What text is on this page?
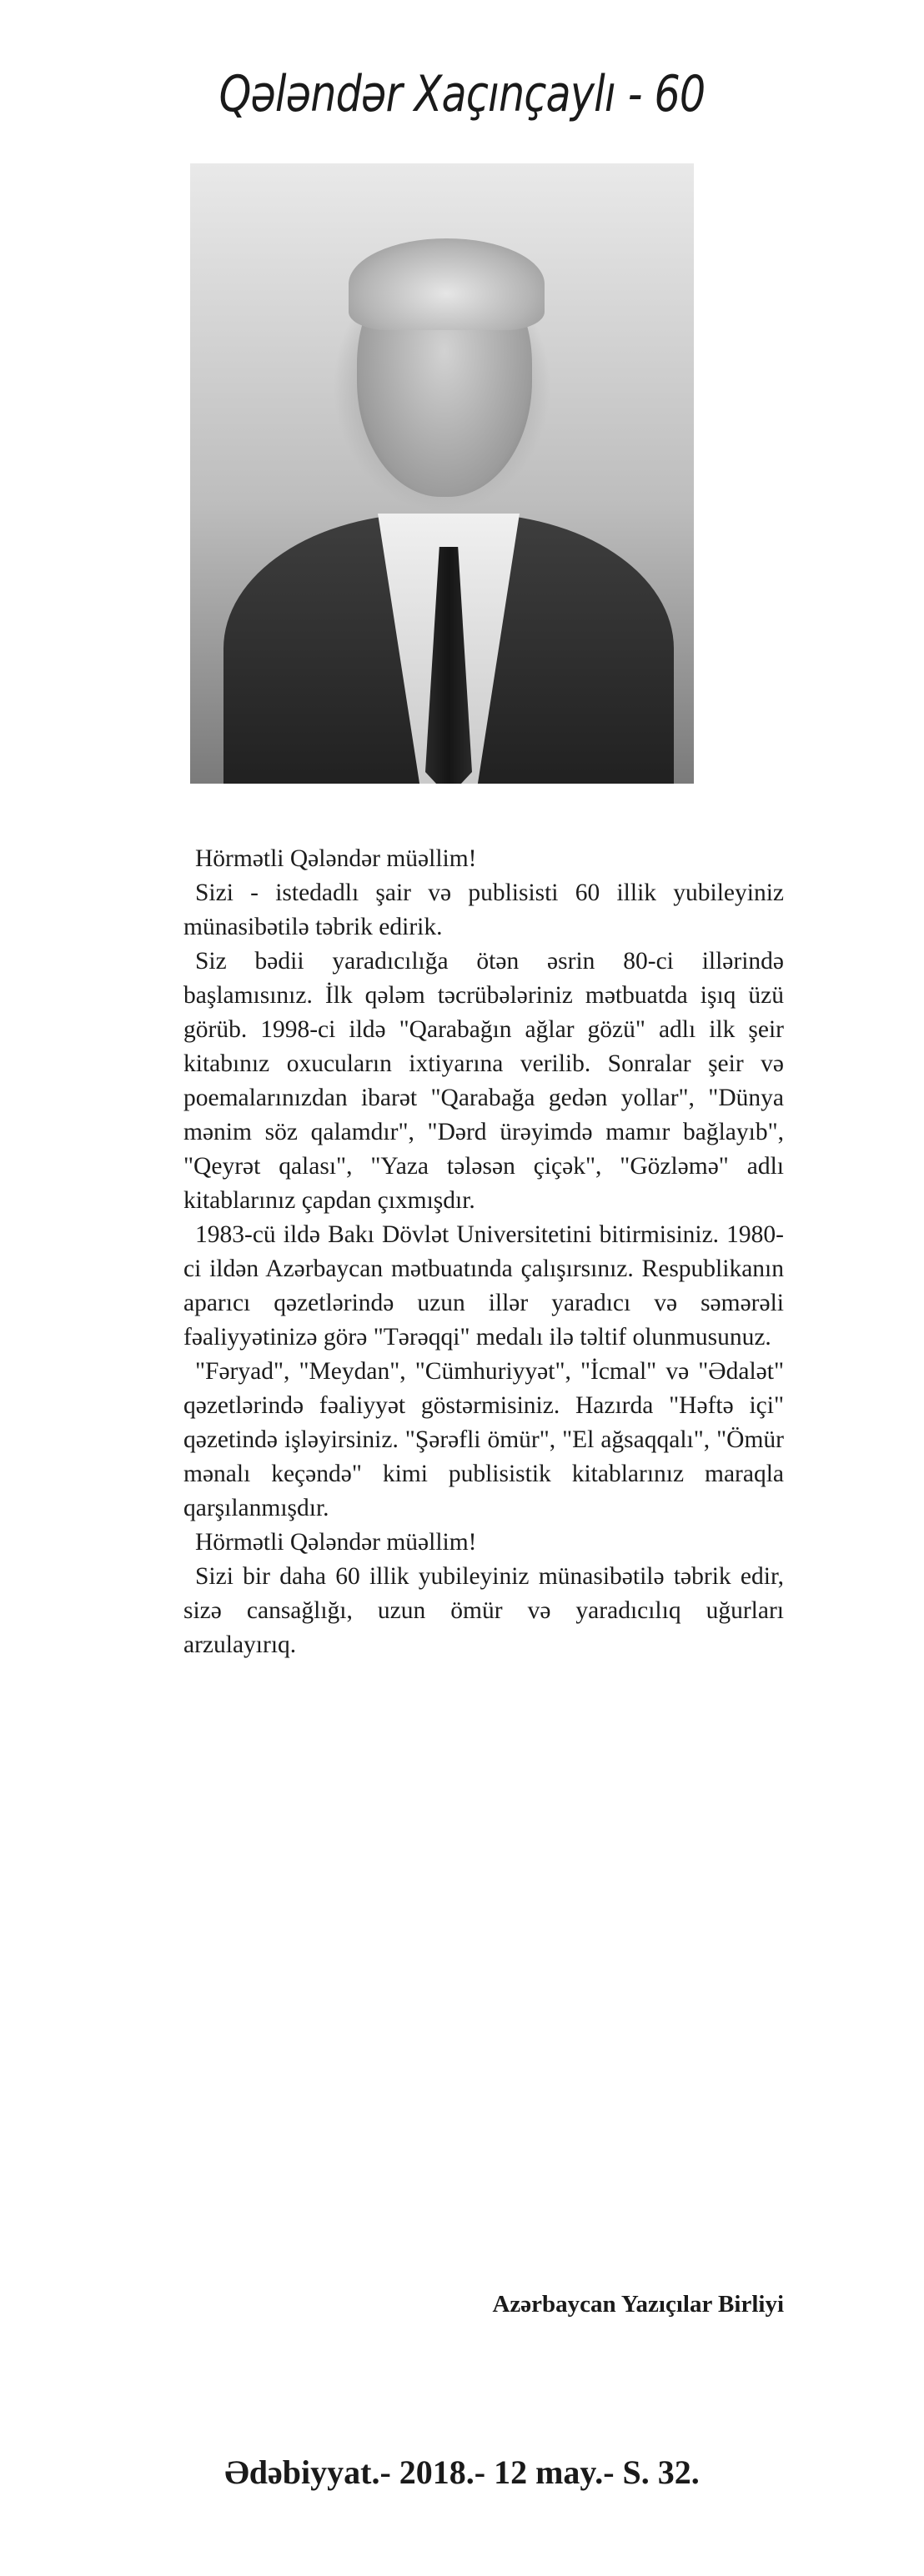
Qələndər Xaçınçaylı - 60

Hörmətli Qələndər müəllim!

Sizi - istedadlı şair və publisisti 60 illik yubileyiniz münasibətilə təbrik edirik.

Siz bədii yaradıcılığa ötən əsrin 80-ci illərində başlamısınız. İlk qələm təcrübələriniz mətbuatda işıq üzü görüb. 1998-ci ildə "Qarabağın ağlar gözü" adlı ilk şeir kitabınız oxucuların ixtiyarına verilib. Sonralar şeir və poemalarınızdan ibarət "Qarabağa gedən yollar", "Dünya mənim söz qalamdır", "Dərd ürəyimdə mamır bağlayıb", "Qeyrət qalası", "Yaza tələsən çiçək", "Gözləmə" adlı kitablarınız çapdan çıxmışdır.

1983-cü ildə Bakı Dövlət Universitetini bitirmisiniz. 1980-ci ildən Azərbaycan mətbuatında çalışırsınız. Respublikanın aparıcı qəzetlərində uzun illər yaradıcı və səmərəli fəaliyyətinizə görə "Tərəqqi" medalı ilə təltif olunmusunuz.

"Fəryad", "Meydan", "Cümhuriyyət", "İcmal" və "Ədalət" qəzetlərində fəaliyyət göstərmisiniz. Hazırda "Həftə içi" qəzetində işləyirsiniz. "Şərəfli ömür", "El ağsaqqalı", "Ömür mənalı keçəndə" kimi publisistik kitablarınız maraqla qarşılanmışdır.

Hörmətli Qələndər müəllim!

Sizi bir daha 60 illik yubileyiniz münasibətilə təbrik edir, sizə cansağlığı, uzun ömür və yaradıcılıq uğurları arzulayırıq.

Azərbaycan Yazıçılar Birliyi

Ədəbiyyat.- 2018.- 12 may.- S. 32.
